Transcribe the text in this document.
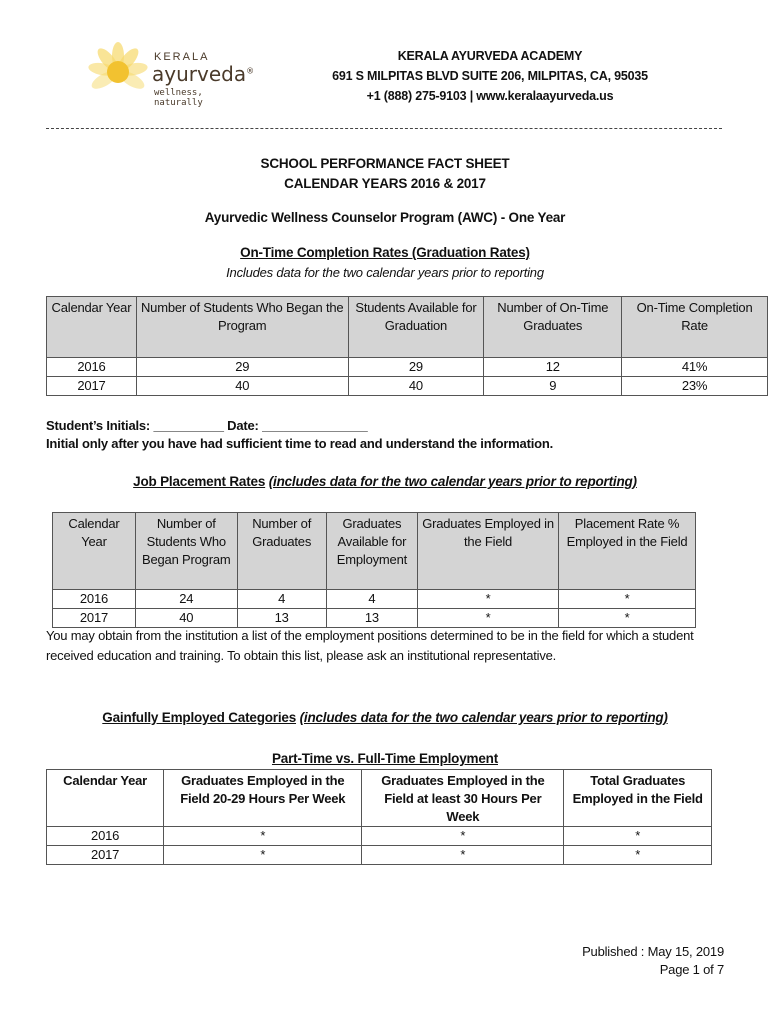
KERALA
ayurveda®
wellness, naturally
KERALA AYURVEDA ACADEMY
691 S MILPITAS BLVD SUITE 206, MILPITAS, CA, 95035
+1 (888) 275-9103 | www.keralaayurveda.us
SCHOOL PERFORMANCE FACT SHEET
CALENDAR YEARS 2016 & 2017
Ayurvedic Wellness Counselor Program (AWC) - One Year
On-Time Completion Rates (Graduation Rates)
Includes data for the two calendar years prior to reporting
Calendar Year	Number of Students Who Began the Program	Students Available for Graduation	Number of On-Time Graduates	On-Time Completion Rate
2016	29	29	12	41%
2017	40	40	9	23%
Student’s Initials: __________ Date: _______________
Initial only after you have had sufficient time to read and understand the information.
Job Placement Rates (includes data for the two calendar years prior to reporting)
Calendar Year	Number of Students Who Began Program	Number of Graduates	Graduates Available for Employment	Graduates Employed in the Field	Placement Rate % Employed in the Field
2016	24	4	4	*	*
2017	40	13	13	*	*
You may obtain from the institution a list of the employment positions determined to be in the field for which a student
received education and training. To obtain this list, please ask an institutional representative.
Gainfully Employed Categories (includes data for the two calendar years prior to reporting)
Part-Time vs. Full-Time Employment
Calendar Year	Graduates Employed in the Field 20-29 Hours Per Week	Graduates Employed in the Field at least 30 Hours Per Week	Total Graduates Employed in the Field
2016	*	*	*
2017	*	*	*
Published : May 15, 2019
Page 1 of 7
